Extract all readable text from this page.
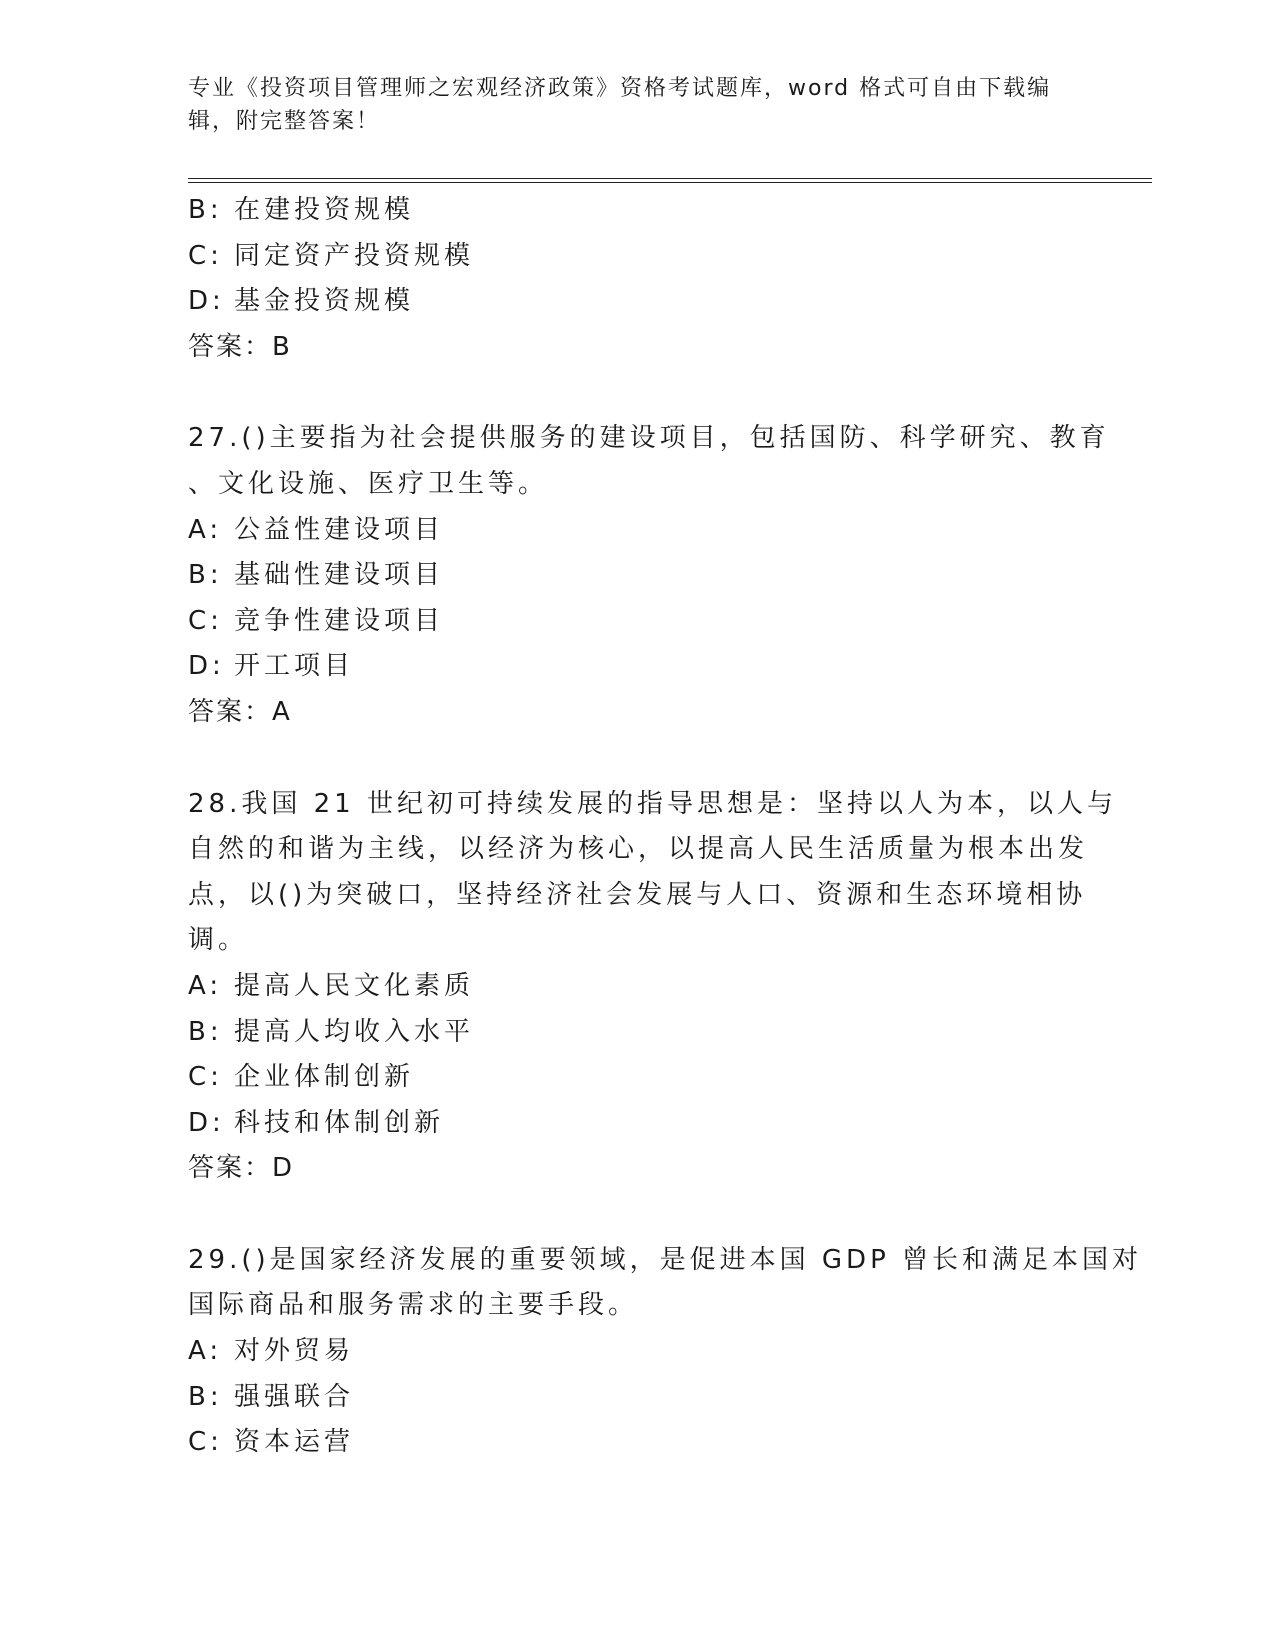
专业《投资项目管理师之宏观经济政策》资格考试题库，word 格式可自由下载编
辑，附完整答案！
B: 在建投资规模
C: 同定资产投资规模
D: 基金投资规模
答案：B
27.()主要指为社会提供服务的建设项目，包括国防、科学研究、教育
、文化设施、医疗卫生等。
A: 公益性建设项目
B: 基础性建设项目
C: 竞争性建设项目
D: 开工项目
答案：A
28.我国 21 世纪初可持续发展的指导思想是：坚持以人为本，以人与
自然的和谐为主线，以经济为核心，以提高人民生活质量为根本出发
点，以()为突破口，坚持经济社会发展与人口、资源和生态环境相协
调。
A: 提高人民文化素质
B: 提高人均收入水平
C: 企业体制创新
D: 科技和体制创新
答案：D
29.()是国家经济发展的重要领域，是促进本国 GDP 曾长和满足本国对
国际商品和服务需求的主要手段。
A: 对外贸易
B: 强强联合
C: 资本运营
